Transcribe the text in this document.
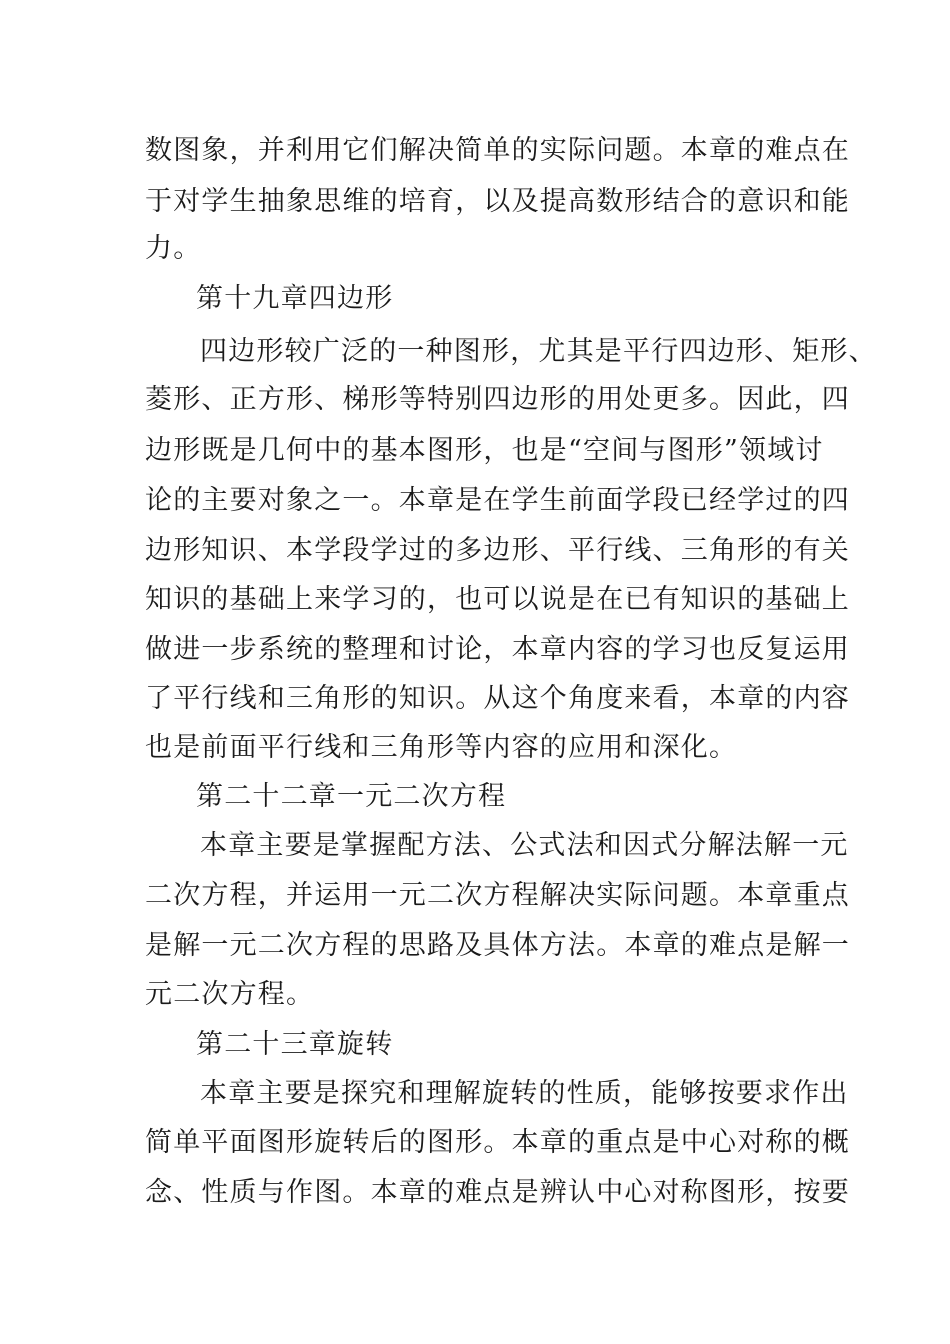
数图象，并利用它们解决简单的实际问题。本章的难点在
于对学生抽象思维的培育，以及提高数形结合的意识和能
力。
第十九章四边形
四边形较广泛的一种图形，尤其是平行四边形、矩形、
菱形、正方形、梯形等特别四边形的用处更多。因此，四
边形既是几何中的基本图形，也是“空间与图形”领域讨
论的主要对象之一。本章是在学生前面学段已经学过的四
边形知识、本学段学过的多边形、平行线、三角形的有关
知识的基础上来学习的，也可以说是在已有知识的基础上
做进一步系统的整理和讨论，本章内容的学习也反复运用
了平行线和三角形的知识。从这个角度来看，本章的内容
也是前面平行线和三角形等内容的应用和深化。
第二十二章一元二次方程
本章主要是掌握配方法、公式法和因式分解法解一元
二次方程，并运用一元二次方程解决实际问题。本章重点
是解一元二次方程的思路及具体方法。本章的难点是解一
元二次方程。
第二十三章旋转
本章主要是探究和理解旋转的性质，能够按要求作出
简单平面图形旋转后的图形。本章的重点是中心对称的概
念、性质与作图。本章的难点是辨认中心对称图形，按要
